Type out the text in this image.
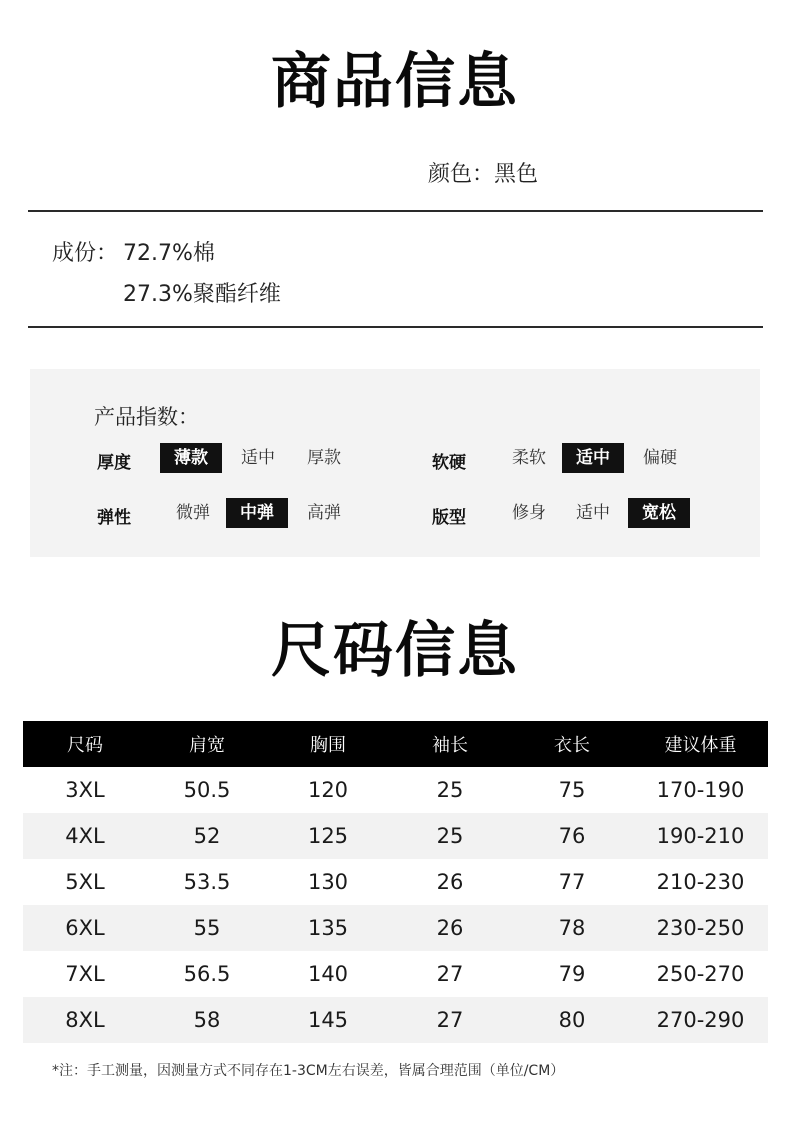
商品信息
颜色：黑色
成份： 72.7%棉
27.3%聚酯纤维
产品指数：
厚度	薄款	适中	厚款	软硬	柔软	适中	偏硬
弹性	微弹	中弹	高弹	版型	修身	适中	宽松
尺码信息
尺码	肩宽	胸围	袖长	衣长	建议体重
3XL	50.5	120	25	75	170-190
4XL	52	125	25	76	190-210
5XL	53.5	130	26	77	210-230
6XL	55	135	26	78	230-250
7XL	56.5	140	27	79	250-270
8XL	58	145	27	80	270-290
*注：手工测量，因测量方式不同存在1-3CM左右误差，皆属合理范围（单位/CM）
